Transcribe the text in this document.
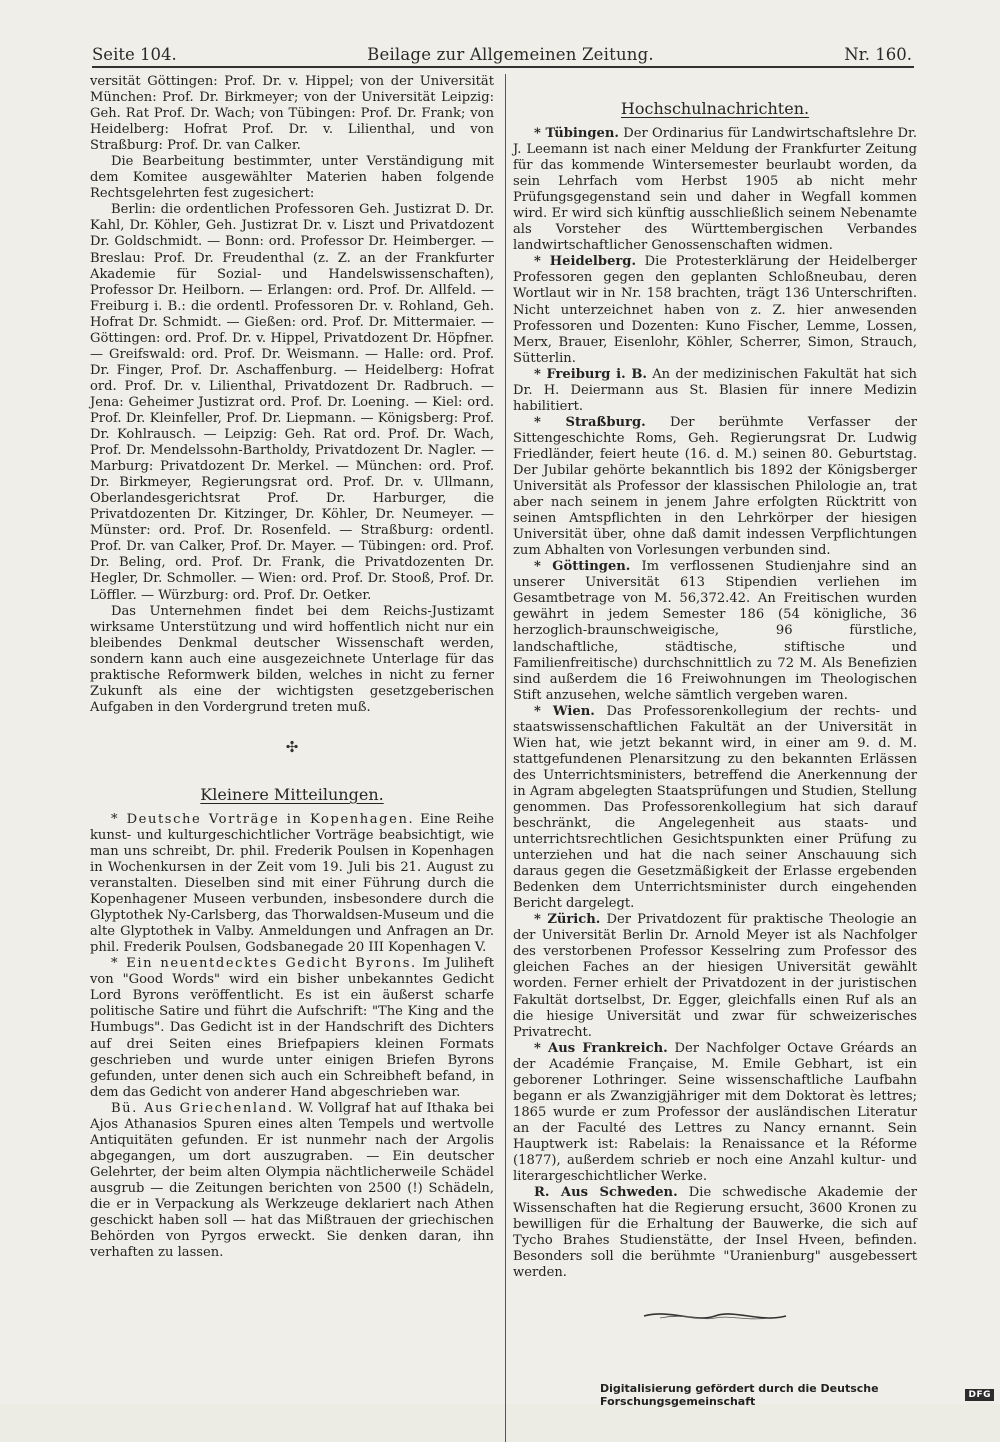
Seite 104.	Beilage zur Allgemeinen Zeitung.	Nr. 160.

versität Göttingen: Prof. Dr. v. Hippel; von der Universität München: Prof. Dr. Birkmeyer; von der Universität Leipzig: Geh. Rat Prof. Dr. Wach; von Tübingen: Prof. Dr. Frank; von Heidelberg: Hofrat Prof. Dr. v. Lilienthal, und von Straßburg: Prof. Dr. van Calker.

Die Bearbeitung bestimmter, unter Verständigung mit dem Komitee ausgewählter Materien haben folgende Rechtsgelehrten fest zugesichert:

Berlin: die ordentlichen Professoren Geh. Justizrat D. Dr. Kahl, Dr. Köhler, Geh. Justizrat Dr. v. Liszt und Privatdozent Dr. Goldschmidt. — Bonn: ord. Professor Dr. Heimberger. — Breslau: Prof. Dr. Freudenthal (z. Z. an der Frankfurter Akademie für Sozial- und Handelswissenschaften), Professor Dr. Heilborn. — Erlangen: ord. Prof. Dr. Allfeld. — Freiburg i. B.: die ordentl. Professoren Dr. v. Rohland, Geh. Hofrat Dr. Schmidt. — Gießen: ord. Prof. Dr. Mittermaier. — Göttingen: ord. Prof. Dr. v. Hippel, Privatdozent Dr. Höpfner. — Greifswald: ord. Prof. Dr. Weismann. — Halle: ord. Prof. Dr. Finger, Prof. Dr. Aschaffenburg. — Heidelberg: Hofrat ord. Prof. Dr. v. Lilienthal, Privatdozent Dr. Radbruch. — Jena: Geheimer Justizrat ord. Prof. Dr. Loening. — Kiel: ord. Prof. Dr. Kleinfeller, Prof. Dr. Liepmann. — Königsberg: Prof. Dr. Kohlrausch. — Leipzig: Geh. Rat ord. Prof. Dr. Wach, Prof. Dr. Mendelssohn-Bartholdy, Privatdozent Dr. Nagler. — Marburg: Privatdozent Dr. Merkel. — München: ord. Prof. Dr. Birkmeyer, Regierungsrat ord. Prof. Dr. v. Ullmann, Oberlandesgerichtsrat Prof. Dr. Harburger, die Privatdozenten Dr. Kitzinger, Dr. Köhler, Dr. Neumeyer. — Münster: ord. Prof. Dr. Rosenfeld. — Straßburg: ordentl. Prof. Dr. van Calker, Prof. Dr. Mayer. — Tübingen: ord. Prof. Dr. Beling, ord. Prof. Dr. Frank, die Privatdozenten Dr. Hegler, Dr. Schmoller. — Wien: ord. Prof. Dr. Stooß, Prof. Dr. Löffler. — Würzburg: ord. Prof. Dr. Oetker.

Das Unternehmen findet bei dem Reichs-Justizamt wirksame Unterstützung und wird hoffentlich nicht nur ein bleibendes Denkmal deutscher Wissenschaft werden, sondern kann auch eine ausgezeichnete Unterlage für das praktische Reformwerk bilden, welches in nicht zu ferner Zukunft als eine der wichtigsten gesetzgeberischen Aufgaben in den Vordergrund treten muß.

✣
Kleinere Mitteilungen.

* Deutsche Vorträge in Kopenhagen. Eine Reihe kunst- und kulturgeschichtlicher Vorträge beabsichtigt, wie man uns schreibt, Dr. phil. Frederik Poulsen in Kopenhagen in Wochenkursen in der Zeit vom 19. Juli bis 21. August zu veranstalten. Dieselben sind mit einer Führung durch die Kopenhagener Museen verbunden, insbesondere durch die Glyptothek Ny-Carlsberg, das Thorwaldsen-Museum und die alte Glyptothek in Valby. Anmeldungen und Anfragen an Dr. phil. Frederik Poulsen, Godsbanegade 20 III Kopenhagen V.

* Ein neuentdecktes Gedicht Byrons. Im Juliheft von "Good Words" wird ein bisher unbekanntes Gedicht Lord Byrons veröffentlicht. Es ist ein äußerst scharfe politische Satire und führt die Aufschrift: "The King and the Humbugs". Das Gedicht ist in der Handschrift des Dichters auf drei Seiten eines Briefpapiers kleinen Formats geschrieben und wurde unter einigen Briefen Byrons gefunden, unter denen sich auch ein Schreibheft befand, in dem das Gedicht von anderer Hand abgeschrieben war.

Bü. Aus Griechenland. W. Vollgraf hat auf Ithaka bei Ajos Athanasios Spuren eines alten Tempels und wertvolle Antiquitäten gefunden. Er ist nunmehr nach der Argolis abgegangen, um dort auszugraben. — Ein deutscher Gelehrter, der beim alten Olympia nächtlicherweile Schädel ausgrub — die Zeitungen berichten von 2500 (!) Schädeln, die er in Verpackung als Werkzeuge deklariert nach Athen geschickt haben soll — hat das Mißtrauen der griechischen Behörden von Pyrgos erweckt. Sie denken daran, ihn verhaften zu lassen.

Hochschulnachrichten.

* Tübingen. Der Ordinarius für Landwirtschaftslehre Dr. J. Leemann ist nach einer Meldung der Frankfurter Zeitung für das kommende Wintersemester beurlaubt worden, da sein Lehrfach vom Herbst 1905 ab nicht mehr Prüfungsgegenstand sein und daher in Wegfall kommen wird. Er wird sich künftig ausschließlich seinem Nebenamte als Vorsteher des Württembergischen Verbandes landwirtschaftlicher Genossenschaften widmen.

* Heidelberg. Die Protesterklärung der Heidelberger Professoren gegen den geplanten Schloßneubau, deren Wortlaut wir in Nr. 158 brachten, trägt 136 Unterschriften. Nicht unterzeichnet haben von z. Z. hier anwesenden Professoren und Dozenten: Kuno Fischer, Lemme, Lossen, Merx, Brauer, Eisenlohr, Köhler, Scherrer, Simon, Strauch, Sütterlin.

* Freiburg i. B. An der medizinischen Fakultät hat sich Dr. H. Deiermann aus St. Blasien für innere Medizin habilitiert.

* Straßburg. Der berühmte Verfasser der Sittengeschichte Roms, Geh. Regierungsrat Dr. Ludwig Friedländer, feiert heute (16. d. M.) seinen 80. Geburtstag. Der Jubilar gehörte bekanntlich bis 1892 der Königsberger Universität als Professor der klassischen Philologie an, trat aber nach seinem in jenem Jahre erfolgten Rücktritt von seinen Amtspflichten in den Lehrkörper der hiesigen Universität über, ohne daß damit indessen Verpflichtungen zum Abhalten von Vorlesungen verbunden sind.

* Göttingen. Im verflossenen Studienjahre sind an unserer Universität 613 Stipendien verliehen im Gesamtbetrage von M. 56,372.42. An Freitischen wurden gewährt in jedem Semester 186 (54 königliche, 36 herzoglich-braunschweigische, 96 fürstliche, landschaftliche, städtische, stiftische und Familienfreitische) durchschnittlich zu 72 M. Als Benefizien sind außerdem die 16 Freiwohnungen im Theologischen Stift anzusehen, welche sämtlich vergeben waren.

* Wien. Das Professorenkollegium der rechts- und staatswissenschaftlichen Fakultät an der Universität in Wien hat, wie jetzt bekannt wird, in einer am 9. d. M. stattgefundenen Plenarsitzung zu den bekannten Erlässen des Unterrichtsministers, betreffend die Anerkennung der in Agram abgelegten Staatsprüfungen und Studien, Stellung genommen. Das Professorenkollegium hat sich darauf beschränkt, die Angelegenheit aus staats- und unterrichtsrechtlichen Gesichtspunkten einer Prüfung zu unterziehen und hat die nach seiner Anschauung sich daraus gegen die Gesetzmäßigkeit der Erlasse ergebenden Bedenken dem Unterrichtsminister durch eingehenden Bericht dargelegt.

* Zürich. Der Privatdozent für praktische Theologie an der Universität Berlin Dr. Arnold Meyer ist als Nachfolger des verstorbenen Professor Kesselring zum Professor des gleichen Faches an der hiesigen Universität gewählt worden. Ferner erhielt der Privatdozent in der juristischen Fakultät dortselbst, Dr. Egger, gleichfalls einen Ruf als an die hiesige Universität und zwar für schweizerisches Privatrecht.

* Aus Frankreich. Der Nachfolger Octave Gréards an der Académie Française, M. Emile Gebhart, ist ein geborener Lothringer. Seine wissenschaftliche Laufbahn begann er als Zwanzigjähriger mit dem Doktorat ès lettres; 1865 wurde er zum Professor der ausländischen Literatur an der Faculté des Lettres zu Nancy ernannt. Sein Hauptwerk ist: Rabelais: la Renaissance et la Réforme (1877), außerdem schrieb er noch eine Anzahl kultur- und literargeschichtlicher Werke.

R. Aus Schweden. Die schwedische Akademie der Wissenschaften hat die Regierung ersucht, 3600 Kronen zu bewilligen für die Erhaltung der Bauwerke, die sich auf Tycho Brahes Studienstätte, der Insel Hveen, befinden. Besonders soll die berühmte "Uranienburg" ausgebessert werden.

Digitalisierung gefördert durch die Deutsche Forschungsgemeinschaft	DFG
